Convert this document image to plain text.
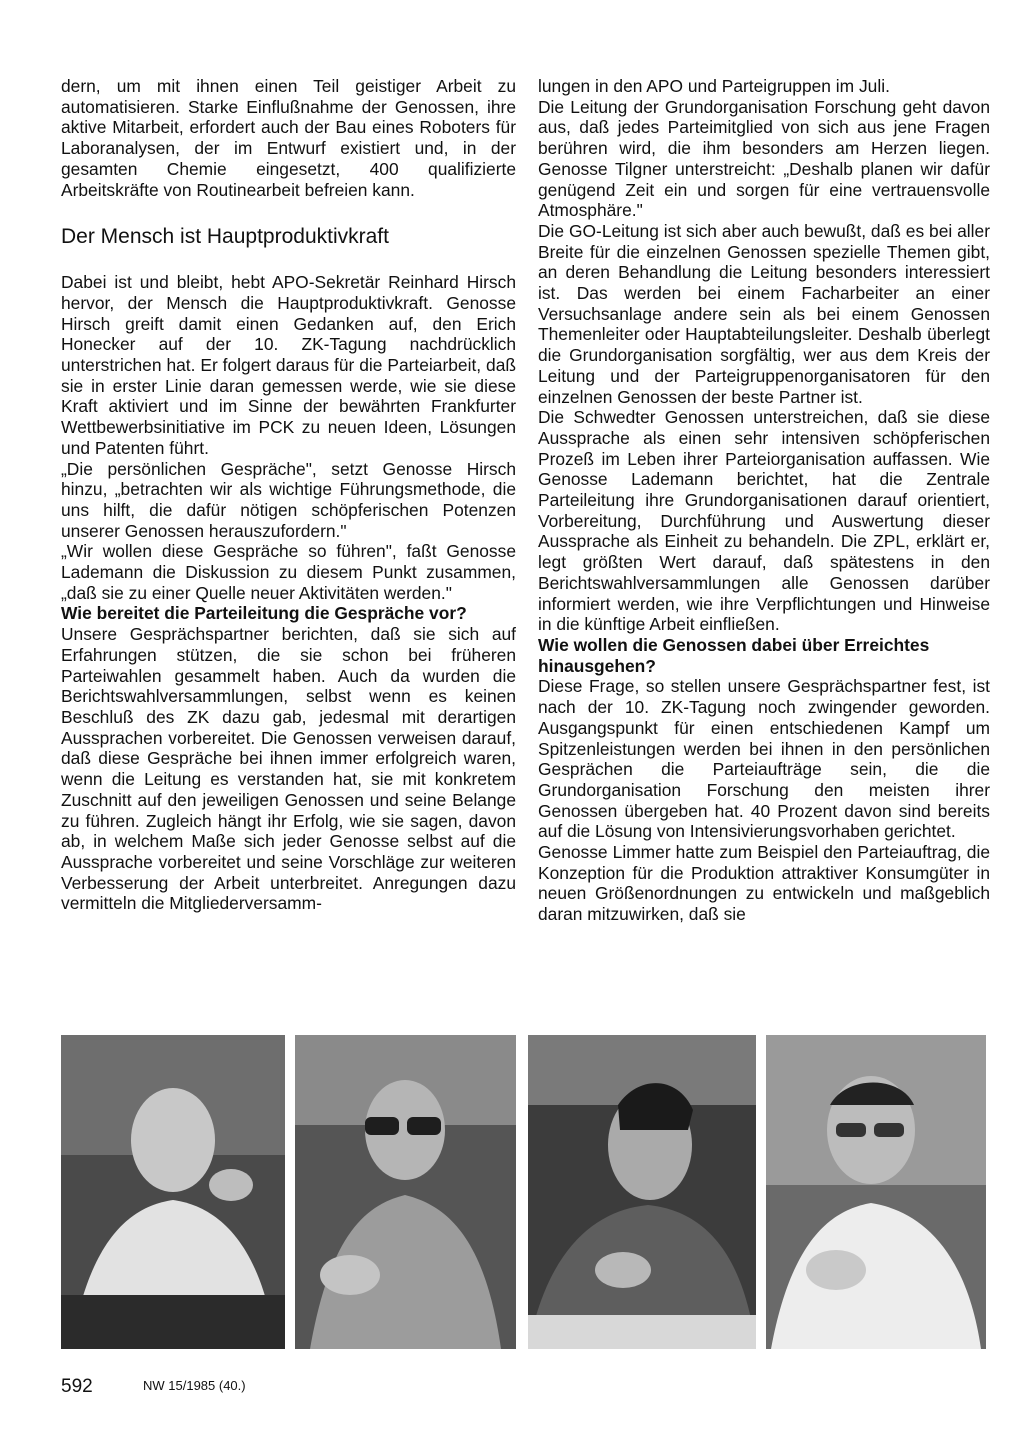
dern, um mit ihnen einen Teil geistiger Arbeit zu automatisieren. Starke Einflußnahme der Genossen, ihre aktive Mitarbeit, erfordert auch der Bau eines Roboters für Laboranalysen, der im Entwurf existiert und, in der gesamten Chemie eingesetzt, 400 qualifizierte Arbeitskräfte von Routinearbeit befreien kann.

Der Mensch ist Hauptproduktivkraft

Dabei ist und bleibt, hebt APO-Sekretär Reinhard Hirsch hervor, der Mensch die Hauptproduktivkraft. Genosse Hirsch greift damit einen Gedanken auf, den Erich Honecker auf der 10. ZK-Tagung nachdrücklich unterstrichen hat. Er folgert daraus für die Parteiarbeit, daß sie in erster Linie daran gemessen werde, wie sie diese Kraft aktiviert und im Sinne der bewährten Frankfurter Wettbewerbsinitiative im PCK zu neuen Ideen, Lösungen und Patenten führt.

„Die persönlichen Gespräche", setzt Genosse Hirsch hinzu, „betrachten wir als wichtige Führungsmethode, die uns hilft, die dafür nötigen schöpferischen Potenzen unserer Genossen herauszufordern."

„Wir wollen diese Gespräche so führen", faßt Genosse Lademann die Diskussion zu diesem Punkt zusammen, „daß sie zu einer Quelle neuer Aktivitäten werden."

Wie bereitet die Parteileitung die Gespräche vor?

Unsere Gesprächspartner berichten, daß sie sich auf Erfahrungen stützen, die sie schon bei früheren Parteiwahlen gesammelt haben. Auch da wurden die Berichtswahlversammlungen, selbst wenn es keinen Beschluß des ZK dazu gab, jedesmal mit derartigen Aussprachen vorbereitet. Die Genossen verweisen darauf, daß diese Gespräche bei ihnen immer erfolgreich waren, wenn die Leitung es verstanden hat, sie mit konkretem Zuschnitt auf den jeweiligen Genossen und seine Belange zu führen. Zugleich hängt ihr Erfolg, wie sie sagen, davon ab, in welchem Maße sich jeder Genosse selbst auf die Aussprache vorbereitet und seine Vorschläge zur weiteren Verbesserung der Arbeit unterbreitet. Anregungen dazu vermitteln die Mitgliederversamm-

lungen in den APO und Parteigruppen im Juli.

Die Leitung der Grundorganisation Forschung geht davon aus, daß jedes Parteimitglied von sich aus jene Fragen berühren wird, die ihm besonders am Herzen liegen. Genosse Tilgner unterstreicht: „Deshalb planen wir dafür genügend Zeit ein und sorgen für eine vertrauensvolle Atmosphäre."

Die GO-Leitung ist sich aber auch bewußt, daß es bei aller Breite für die einzelnen Genossen spezielle Themen gibt, an deren Behandlung die Leitung besonders interessiert ist. Das werden bei einem Facharbeiter an einer Versuchsanlage andere sein als bei einem Genossen Themenleiter oder Hauptabteilungsleiter. Deshalb überlegt die Grundorganisation sorgfältig, wer aus dem Kreis der Leitung und der Parteigruppenorganisatoren für den einzelnen Genossen der beste Partner ist.

Die Schwedter Genossen unterstreichen, daß sie diese Aussprache als einen sehr intensiven schöpferischen Prozeß im Leben ihrer Parteiorganisation auffassen. Wie Genosse Lademann berichtet, hat die Zentrale Parteileitung ihre Grundorganisationen darauf orientiert, Vorbereitung, Durchführung und Auswertung dieser Aussprache als Einheit zu behandeln. Die ZPL, erklärt er, legt größten Wert darauf, daß spätestens in den Berichtswahlversammlungen alle Genossen darüber informiert werden, wie ihre Verpflichtungen und Hinweise in die künftige Arbeit einfließen.

Wie wollen die Genossen dabei über Erreichtes hinausgehen?

Diese Frage, so stellen unsere Gesprächspartner fest, ist nach der 10. ZK-Tagung noch zwingender geworden. Ausgangspunkt für einen entschiedenen Kampf um Spitzenleistungen werden bei ihnen in den persönlichen Gesprächen die Parteiaufträge sein, die die Grundorganisation Forschung den meisten ihrer Genossen übergeben hat. 40 Prozent davon sind bereits auf die Lösung von Intensivierungsvorhaben gerichtet.

Genosse Limmer hatte zum Beispiel den Parteiauftrag, die Konzeption für die Produktion attraktiver Konsumgüter in neuen Größenordnungen zu entwickeln und maßgeblich daran mitzuwirken, daß sie

592	NW 15/1985 (40.)
